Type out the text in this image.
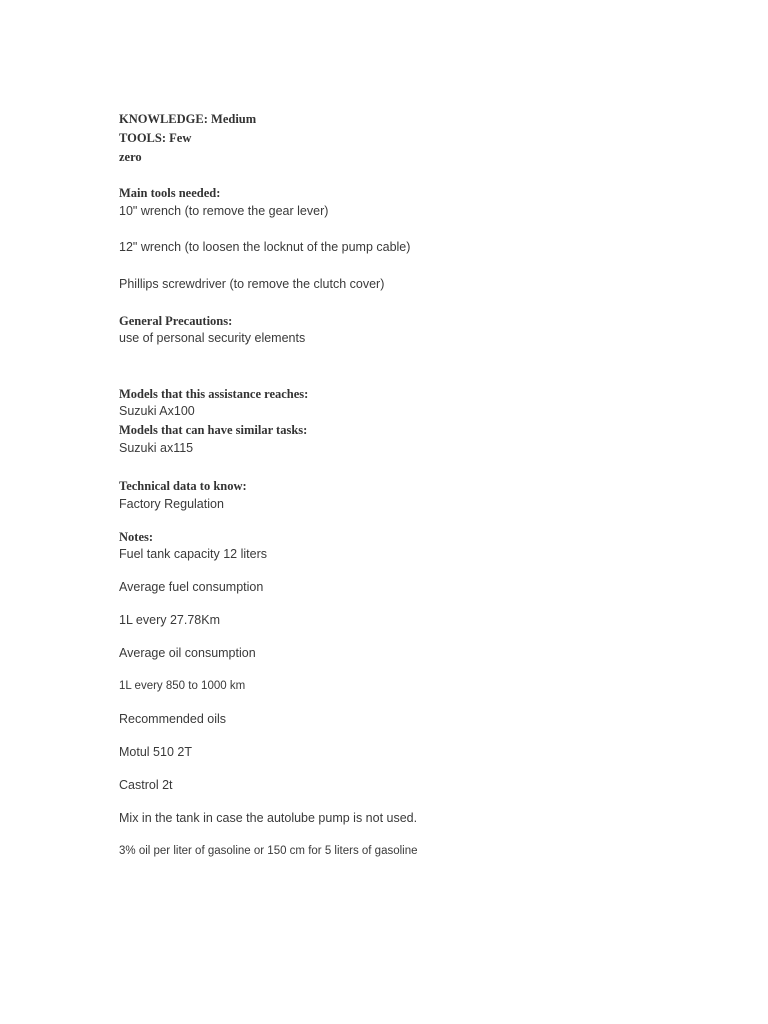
KNOWLEDGE: Medium
TOOLS: Few
zero
Main tools needed:
10" wrench (to remove the gear lever)
12" wrench (to loosen the locknut of the pump cable)
Phillips screwdriver (to remove the clutch cover)
General Precautions:
use of personal security elements
Models that this assistance reaches:
Suzuki Ax100
Models that can have similar tasks:
Suzuki ax115
Technical data to know:
Factory Regulation
Notes:
Fuel tank capacity 12 liters
Average fuel consumption
1L every 27.78Km
Average oil consumption
1L every 850 to 1000 km
Recommended oils
Motul 510 2T
Castrol 2t
Mix in the tank in case the autolube pump is not used.
3% oil per liter of gasoline or 150 cm for 5 liters of gasoline
